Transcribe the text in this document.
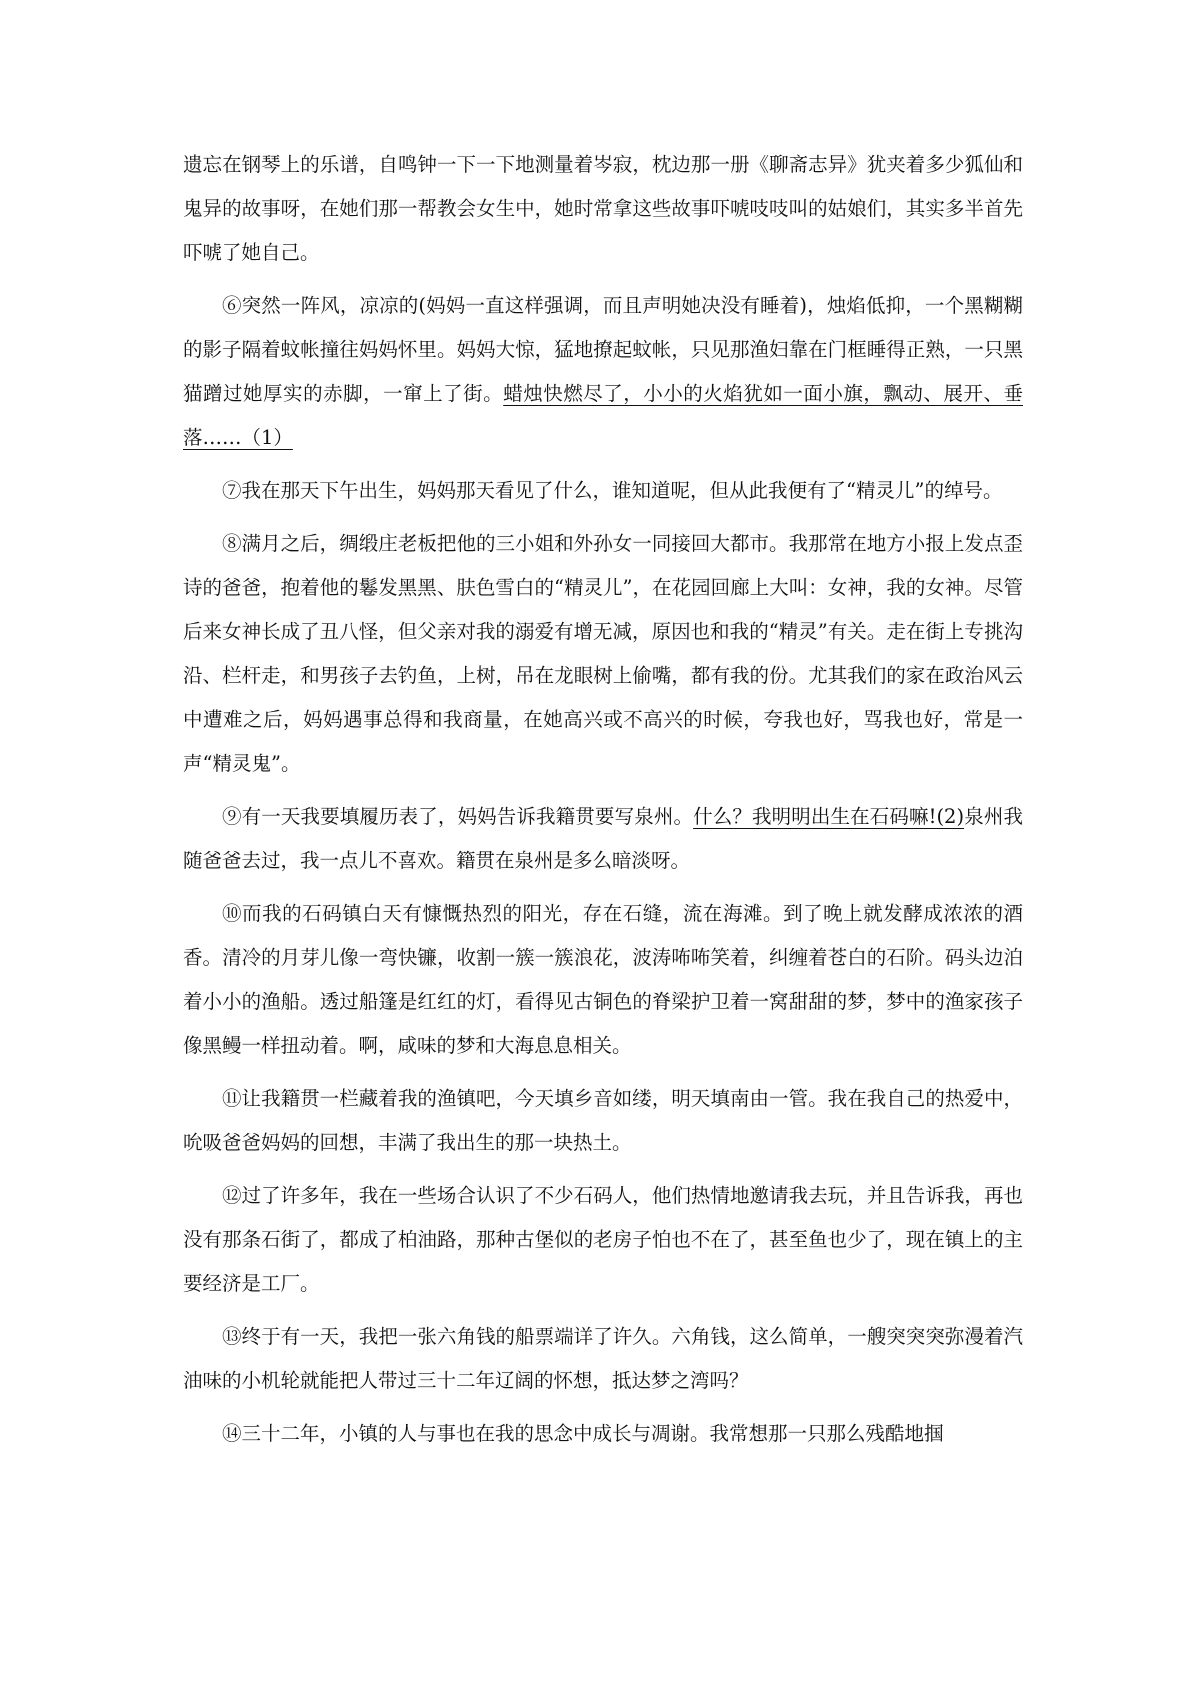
遗忘在钢琴上的乐谱，自鸣钟一下一下地测量着岑寂，枕边那一册《聊斋志异》犹夹着多少狐仙和鬼异的故事呀，在她们那一帮教会女生中，她时常拿这些故事吓唬吱吱叫的姑娘们，其实多半首先吓唬了她自己。

⑥突然一阵风，凉凉的(妈妈一直这样强调，而且声明她决没有睡着)，烛焰低抑，一个黑糊糊的影子隔着蚊帐撞往妈妈怀里。妈妈大惊，猛地撩起蚊帐，只见那渔妇靠在门框睡得正熟，一只黑猫蹭过她厚实的赤脚，一窜上了街。蜡烛快燃尽了，小小的火焰犹如一面小旗，飘动、展开、垂落……（1）

⑦我在那天下午出生，妈妈那天看见了什么，谁知道呢，但从此我便有了“精灵儿”的绰号。

⑧满月之后，绸缎庄老板把他的三小姐和外孙女一同接回大都市。我那常在地方小报上发点歪诗的爸爸，抱着他的鬈发黑黑、肤色雪白的“精灵儿”，在花园回廊上大叫：女神，我的女神。尽管后来女神长成了丑八怪，但父亲对我的溺爱有增无减，原因也和我的“精灵”有关。走在街上专挑沟沿、栏杆走，和男孩子去钓鱼，上树，吊在龙眼树上偷嘴，都有我的份。尤其我们的家在政治风云中遭难之后，妈妈遇事总得和我商量，在她高兴或不高兴的时候，夸我也好，骂我也好，常是一声“精灵鬼”。

⑨有一天我要填履历表了，妈妈告诉我籍贯要写泉州。什么？我明明出生在石码嘛!(2)泉州我随爸爸去过，我一点儿不喜欢。籍贯在泉州是多么暗淡呀。

⑩而我的石码镇白天有慷慨热烈的阳光，存在石缝，流在海滩。到了晚上就发酵成浓浓的酒香。清冷的月芽儿像一弯快镰，收割一簇一簇浪花，波涛咘咘笑着，纠缠着苍白的石阶。码头边泊着小小的渔船。透过船篷是红红的灯，看得见古铜色的脊梁护卫着一窝甜甜的梦，梦中的渔家孩子像黑鳗一样扭动着。啊，咸味的梦和大海息息相关。

⑪让我籍贯一栏藏着我的渔镇吧，今天填乡音如缕，明天填南由一管。我在我自己的热爱中，吮吸爸爸妈妈的回想，丰满了我出生的那一块热土。

⑫过了许多年，我在一些场合认识了不少石码人，他们热情地邀请我去玩，并且告诉我，再也没有那条石街了，都成了柏油路，那种古堡似的老房子怕也不在了，甚至鱼也少了，现在镇上的主要经济是工厂。

⑬终于有一天，我把一张六角钱的船票端详了许久。六角钱，这么简单，一艘突突突弥漫着汽油味的小机轮就能把人带过三十二年辽阔的怀想，抵达梦之湾吗？

⑭三十二年，小镇的人与事也在我的思念中成长与凋谢。我常想那一只那么残酷地掴
